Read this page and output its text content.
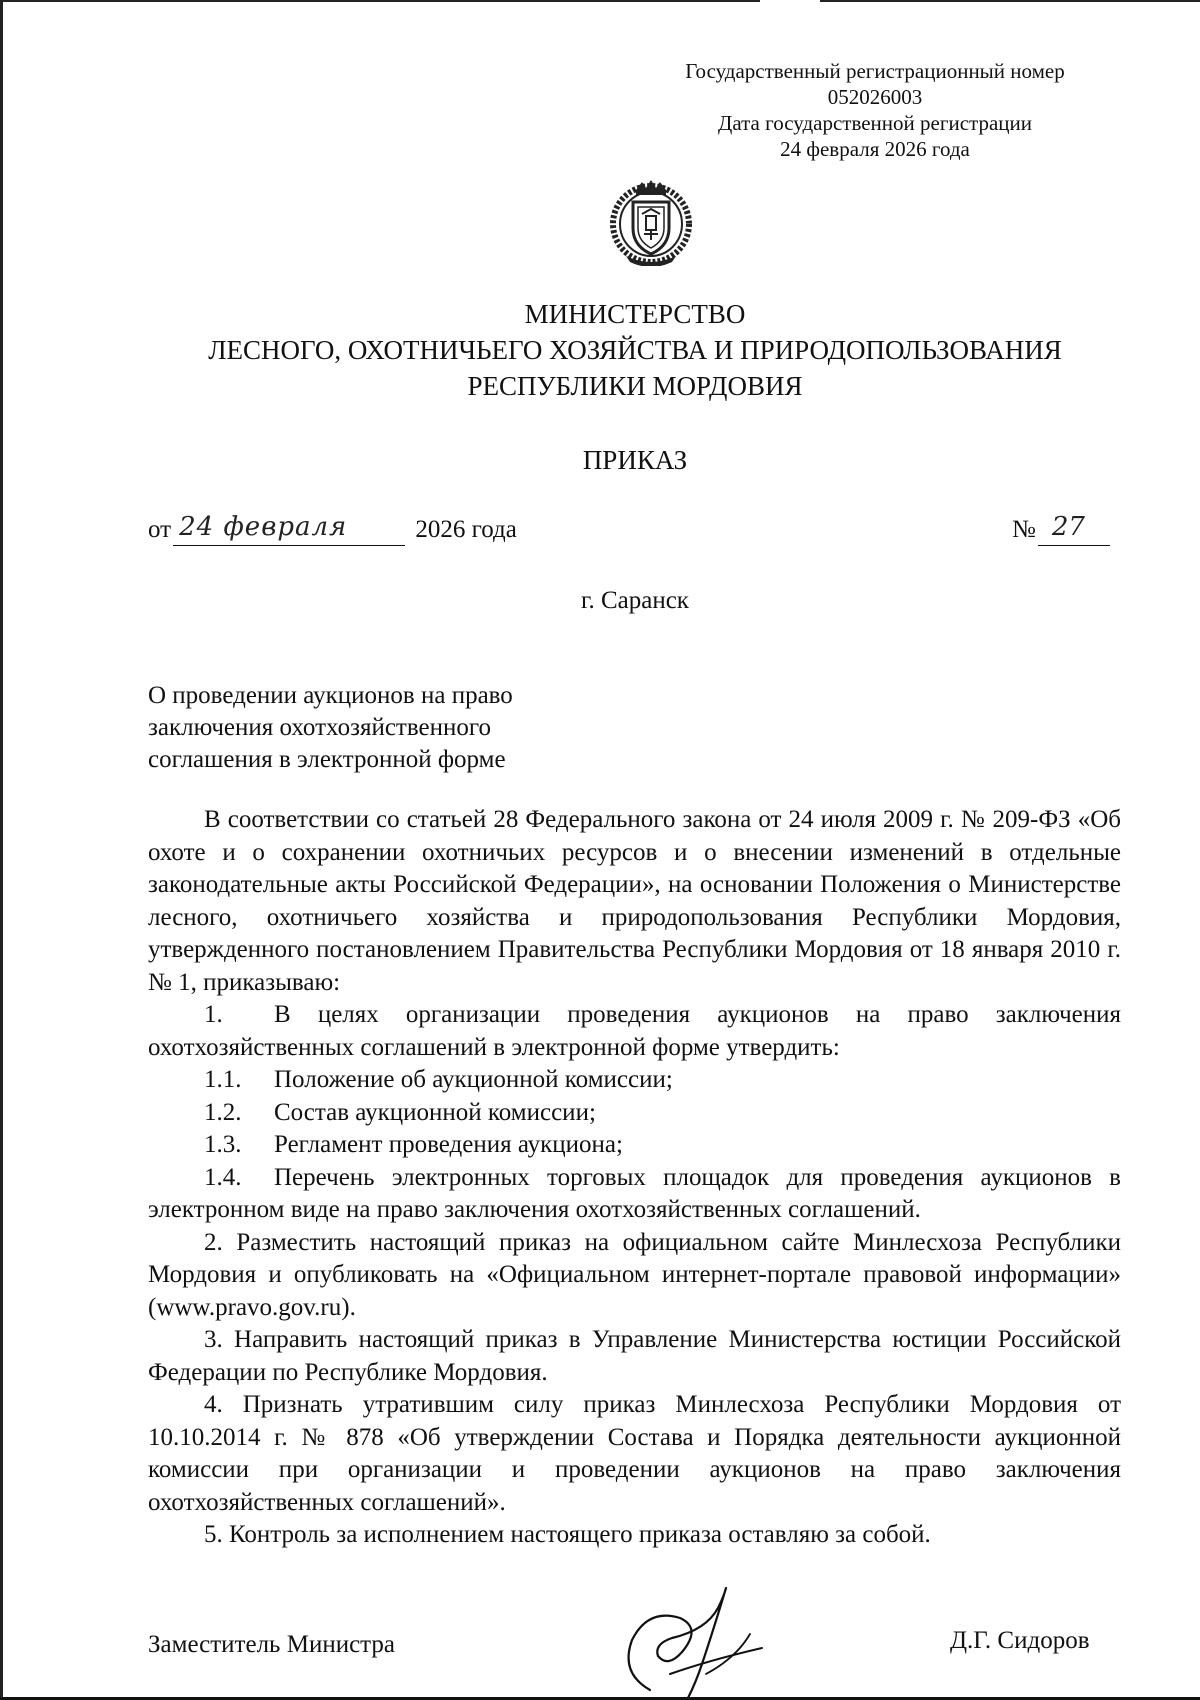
Государственный регистрационный номер
052026003
Дата государственной регистрации
24 февраля 2026 года
МИНИСТЕРСТВО
ЛЕСНОГО, ОХОТНИЧЬЕГО ХОЗЯЙСТВА И ПРИРОДОПОЛЬЗОВАНИЯ
РЕСПУБЛИКИ МОРДОВИЯ
ПРИКАЗ
от 24 февраля	2026 года	№ 27
г. Саранск
О проведении аукционов на право
заключения охотхозяйственного
соглашения в электронной форме

В соответствии со статьей 28 Федерального закона от 24 июля 2009 г. № 209-ФЗ «Об охоте и о сохранении охотничьих ресурсов и о внесении изменений в отдельные законодательные акты Российской Федерации», на основании Положения о Министерстве лесного, охотничьего хозяйства и природопользования Республики Мордовия, утвержденного постановлением Правительства Республики Мордовия от 18 января 2010 г. № 1, приказываю:

1. В целях организации проведения аукционов на право заключения охотхозяйственных соглашений в электронной форме утвердить:

1.1.	Положение об аукционной комиссии;

1.2.	Состав аукционной комиссии;

1.3.	Регламент проведения аукциона;

1.4. Перечень электронных торговых площадок для проведения аукционов в электронном виде на право заключения охотхозяйственных соглашений.

2. Разместить настоящий приказ на официальном сайте Минлесхоза Республики Мордовия и опубликовать на «Официальном интернет-портале правовой информации» (www.pravo.gov.ru).

3. Направить настоящий приказ в Управление Министерства юстиции Российской Федерации по Республике Мордовия.

4. Признать утратившим силу приказ Минлесхоза Республики Мордовия от 10.10.2014 г. № 878 «Об утверждении Состава и Порядка деятельности аукционной комиссии при организации и проведении аукционов на право заключения охотхозяйственных соглашений».

5. Контроль за исполнением настоящего приказа оставляю за собой.

Заместитель Министра	Д.Г. Сидоров
